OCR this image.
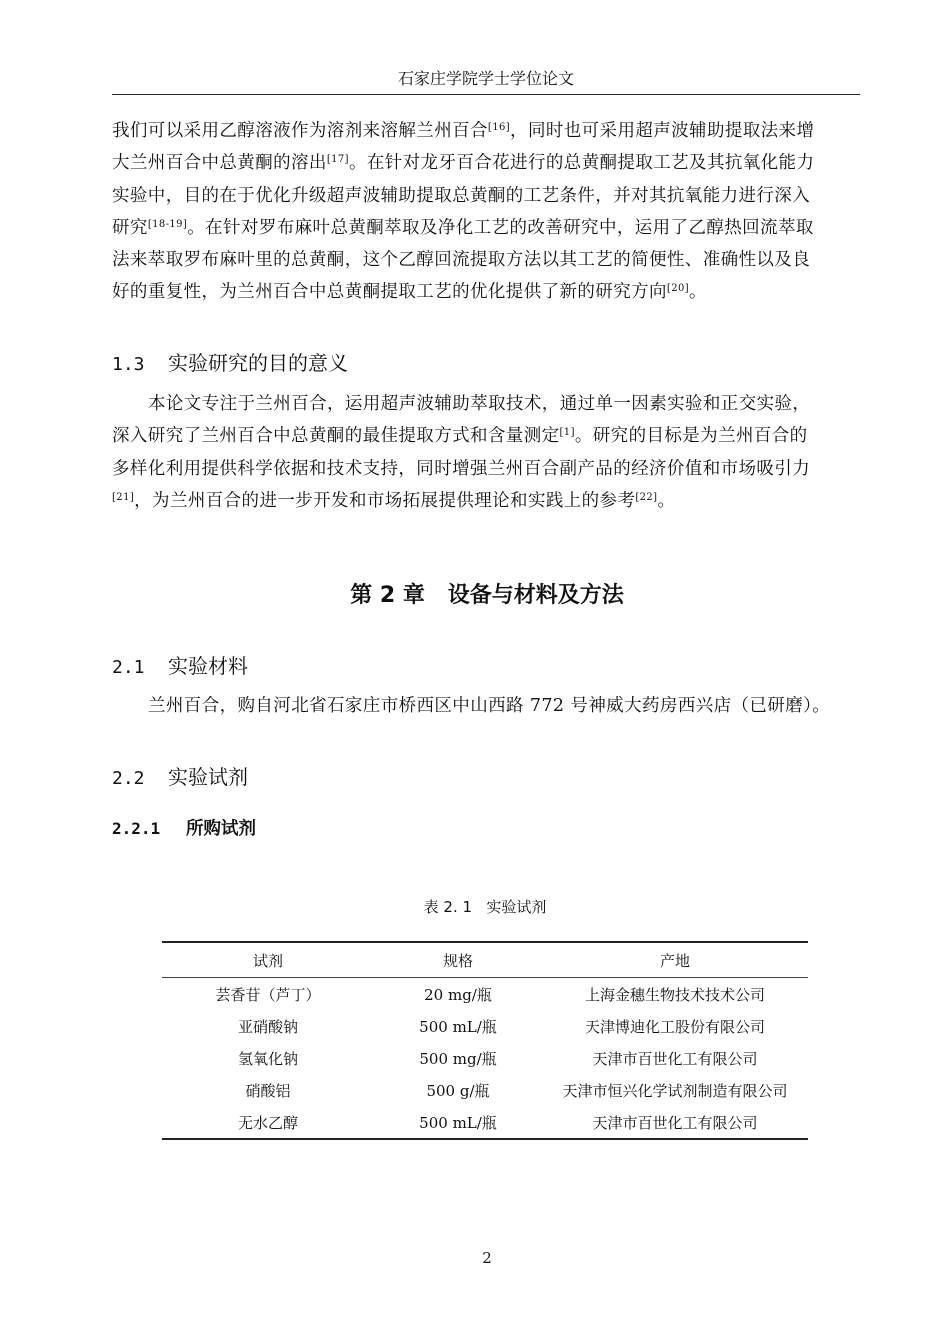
石家庄学院学士学位论文
我们可以采用乙醇溶液作为溶剂来溶解兰州百合[16]，同时也可采用超声波辅助提取法来增
大兰州百合中总黄酮的溶出[17]。在针对龙牙百合花进行的总黄酮提取工艺及其抗氧化能力
实验中，目的在于优化升级超声波辅助提取总黄酮的工艺条件，并对其抗氧能力进行深入
研究[18-19]。在针对罗布麻叶总黄酮萃取及净化工艺的改善研究中，运用了乙醇热回流萃取
法来萃取罗布麻叶里的总黄酮，这个乙醇回流提取方法以其工艺的简便性、准确性以及良
好的重复性，为兰州百合中总黄酮提取工艺的优化提供了新的研究方向[20]。
1.3 实验研究的目的意义
本论文专注于兰州百合，运用超声波辅助萃取技术，通过单一因素实验和正交实验，
深入研究了兰州百合中总黄酮的最佳提取方式和含量测定[1]。研究的目标是为兰州百合的
多样化利用提供科学依据和技术支持，同时增强兰州百合副产品的经济价值和市场吸引力
[21]，为兰州百合的进一步开发和市场拓展提供理论和实践上的参考[22]。
第 2 章   设备与材料及方法
2.1 实验材料
兰州百合，购自河北省石家庄市桥西区中山西路 772 号神威大药房西兴店（已研磨）。
2.2 实验试剂
2.2.1 所购试剂
表 2. 1   实验试剂
试剂	规格	产地
芸香苷（芦丁）	20 mg/瓶	上海金穗生物技术技术公司
亚硝酸钠	500 mL/瓶	天津博迪化工股份有限公司
氢氧化钠	500 mg/瓶	天津市百世化工有限公司
硝酸铝	500 g/瓶	天津市恒兴化学试剂制造有限公司
无水乙醇	500 mL/瓶	天津市百世化工有限公司
2
